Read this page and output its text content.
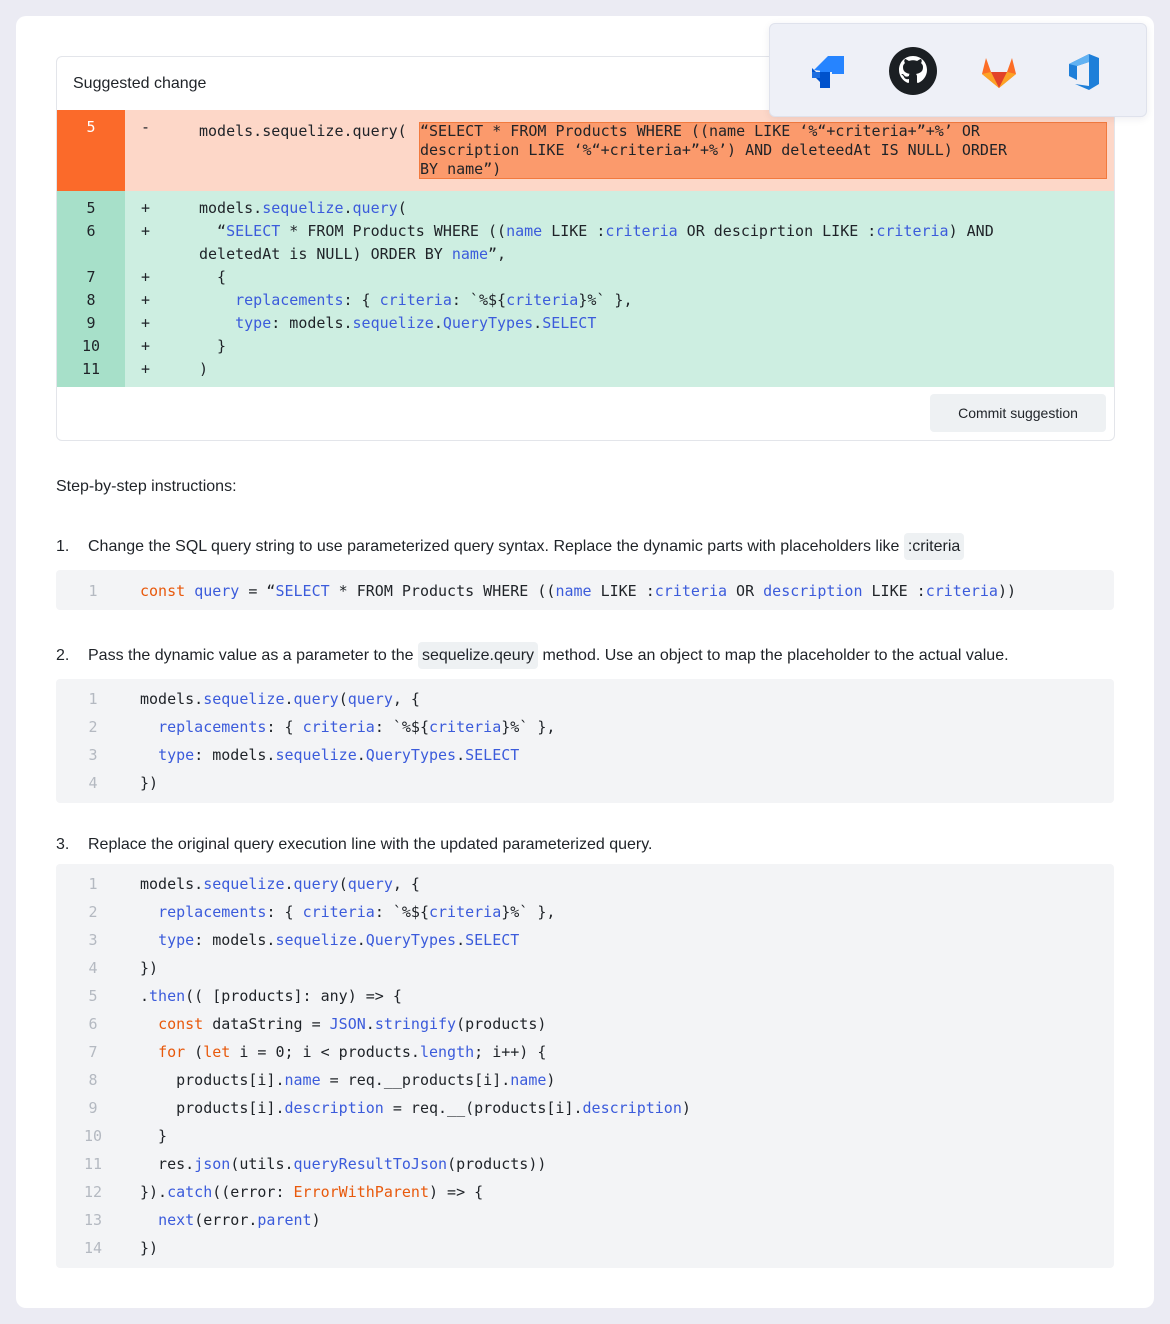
Suggested change
5	-	models.sequelize.query( “SELECT * FROM Products WHERE ((name LIKE ‘%“+criteria+”+%’ OR
description LIKE ‘%“+criteria+”+%’) AND deleteedAt IS NULL) ORDER
BY name”)
5	+	models.sequelize.query(
6	+	“SELECT * FROM Products WHERE ((name LIKE :criteria OR desciprtion LIKE :criteria) AND
deletedAt is NULL) ORDER BY name”,
7	+	{
8	+	replacements: { criteria: `%${criteria}%` },
9	+	type: models.sequelize.QueryTypes.SELECT
10	+	}
11	+	)
Commit suggestion
Step-by-step instructions:
1. Change the SQL query string to use parameterized query syntax. Replace the dynamic parts with placeholders like :criteria
1	const query = “SELECT * FROM Products WHERE ((name LIKE :criteria OR description LIKE :criteria))
2. Pass the dynamic value as a parameter to the sequelize.qeury method. Use an object to map the placeholder to the actual value.
1	models.sequelize.query(query, {
2	replacements: { criteria: `%${criteria}%` },
3	type: models.sequelize.QueryTypes.SELECT
4	})
3. Replace the original query execution line with the updated parameterized query.
1	models.sequelize.query(query, {
2	replacements: { criteria: `%${criteria}%` },
3	type: models.sequelize.QueryTypes.SELECT
4	})
5	.then(( [products]: any) => {
6	const dataString = JSON.stringify(products)
7	for (let i = 0; i < products.length; i++) {
8	products[i].name = req.__products[i].name)
9	products[i].description = req.__(products[i].description)
10	}
11	res.json(utils.queryResultToJson(products))
12	}).catch((error: ErrorWithParent) => {
13	next(error.parent)
14	})
